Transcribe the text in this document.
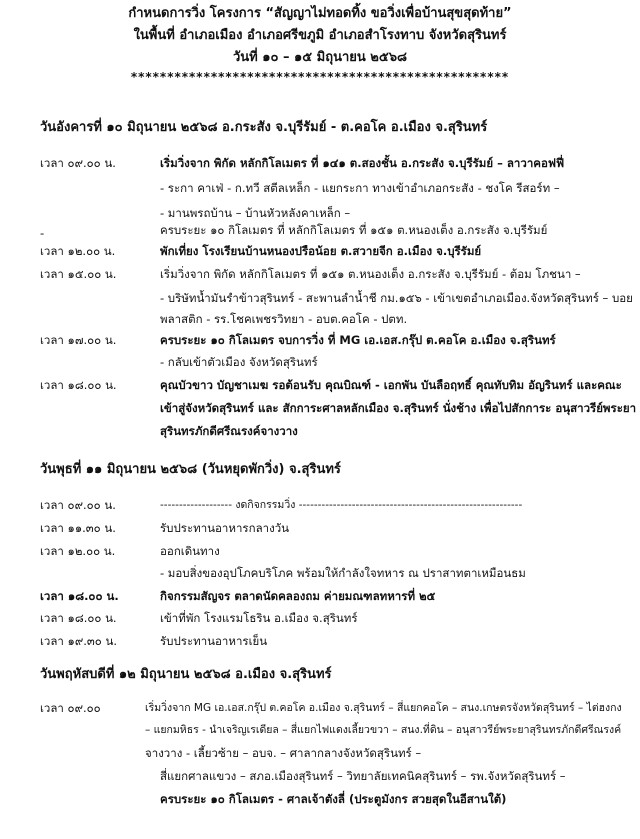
กำหนดการวิ่ง โครงการ “สัญญาไม่ทอดทิ้ง ขอวิ่งเพื่อบ้านสุขสุดท้าย”
ในพื้นที่ อำเภอเมือง อำเภอศรีขภูมิ อำเภอสำโรงทาบ จังหวัดสุรินทร์
วันที่ ๑๐ – ๑๕ มิถุนายน ๒๕๖๘
****************************************************
วันอังคารที่ ๑๐ มิถุนายน ๒๕๖๘ อ.กระสัง จ.บุรีรัมย์ - ต.คอโค อ.เมือง จ.สุรินทร์
เวลา ๐๙.๐๐ น.	เริ่มวิ่งจาก พิกัด หลักกิโลเมตร ที่ ๑๔๑ ต.สองชั้น อ.กระสัง จ.บุรีรัมย์ – ลาวาคอฟฟี่
- ระกา คาเฟ่ - ก.ทวี สตีลเหล็ก - แยกระกา ทางเข้าอำเภอกระสัง - ชงโค รีสอร์ท –
- มานพรถบ้าน – บ้านหัวหลังคาเหล็ก –
-	ครบระยะ ๑๐ กิโลเมตร ที่ หลักกิโลเมตร ที่ ๑๕๑ ต.หนองเต็ง อ.กระสัง จ.บุรีรัมย์
เวลา ๑๒.๐๐ น.	พักเที่ยง โรงเรียนบ้านหนองปรือน้อย ต.สวายจีก อ.เมือง จ.บุรีรัมย์
เวลา ๑๕.๐๐ น.	เริ่มวิ่งจาก พิกัด หลักกิโลเมตร ที่ ๑๕๑ ต.หนองเต็ง อ.กระสัง จ.บุรีรัมย์ - ต้อม โภชนา –
- บริษัทน้ำมันรำข้าวสุรินทร์ - สะพานลำน้ำชี กม.๑๕๖ - เข้าเขตอำเภอเมือง.จังหวัดสุรินทร์ – บอย
พลาสติก - รร.โชคเพชรวิทยา - อบต.คอโค - ปตท.
เวลา ๑๗.๐๐ น.	ครบระยะ ๑๐ กิโลเมตร จบการวิ่ง ที่ MG เอ.เอส.กรุ๊ป ต.คอโค อ.เมือง จ.สุรินทร์
- กลับเข้าตัวเมือง จังหวัดสุรินทร์
เวลา ๑๘.๐๐ น.	คุณบัวขาว บัญชาเมฆ รอต้อนรับ คุณบิณฑ์ - เอกพัน บันลือฤทธิ์ คุณทับทิม อัญรินทร์ และคณะ
เข้าสู่จังหวัดสุรินทร์ และ สักการะศาลหลักเมือง จ.สุรินทร์ นั่งช้าง เพื่อไปสักการะ อนุสาวรีย์พระยา
สุรินทรภักดีศรีณรงค์จางวาง
วันพุธที่ ๑๑ มิถุนายน ๒๕๖๘ (วันหยุดพักวิ่ง) จ.สุรินทร์
เวลา ๐๙.๐๐ น.	------------------- งดกิจกรรมวิ่ง -----------------------------------------------------------
เวลา ๑๑.๓๐ น.	รับประทานอาหารกลางวัน
เวลา ๑๒.๐๐ น.	ออกเดินทาง
- มอบสิ่งของอุปโภคบริโภค พร้อมให้กำลังใจทหาร ณ ปราสาทตาเหมือนธม
เวลา ๑๘.๐๐ น.	กิจกรรมสัญจร ตลาดนัดคลองถม ค่ายมณฑลทหารที่ ๒๕
เวลา ๑๘.๐๐ น.	เข้าที่พัก โรงแรมโธริน อ.เมือง จ.สุรินทร์
เวลา ๑๙.๓๐ น.	รับประทานอาหารเย็น
วันพฤหัสบดีที่ ๑๒ มิถุนายน ๒๕๖๘ อ.เมือง จ.สุรินทร์
เวลา ๐๙.๐๐	เริ่มวิ่งจาก MG เอ.เอส.กรุ๊ป ต.คอโค อ.เมือง จ.สุรินทร์ – สี่แยกคอโค – สนง.เกษตรจังหวัดสุรินทร์ – ไต่ฮงกง
– แยกมหิธร - นำเจริญเรเดียล – สี่แยกไฟแดงเลี้ยวขวา – สนง.ที่ดิน – อนุสาวรีย์พระยาสุรินทรภักดีศรีณรงค์
จางวาง - เลี้ยวซ้าย – อบจ. – ศาลากลางจังหวัดสุรินทร์ –
สี่แยกศาลแขวง – สภอ.เมืองสุรินทร์ – วิทยาลัยเทคนิคสุรินทร์ – รพ.จังหวัดสุรินทร์ –
ครบระยะ ๑๐ กิโลเมตร - ศาลเจ้าตังลี่ (ประตูมังกร สวยสุดในอีสานใต้)
